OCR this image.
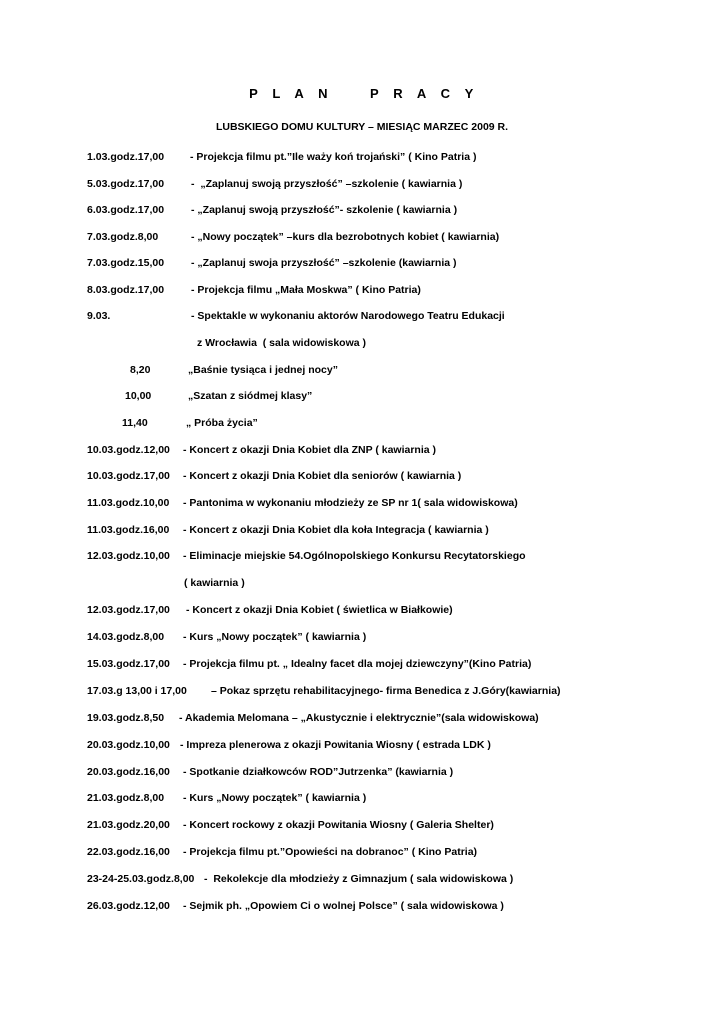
P L A N    P R A C Y
LUBSKIEGO DOMU KULTURY – MIESIĄC MARZEC 2009 R.
1.03.godz.17,00 - Projekcja filmu pt.”Ile waży koń trojański” ( Kino Patria )
5.03.godz.17,00	-  „Zaplanuj swoją przyszłość” –szkolenie ( kawiarnia )
6.03.godz.17,00	- „Zaplanuj swoją przyszłość”- szkolenie ( kawiarnia )
7.03.godz.8,00	- „Nowy początek” –kurs dla bezrobotnych kobiet ( kawiarnia)
7.03.godz.15,00	- „Zaplanuj swoja przyszłość” –szkolenie (kawiarnia )
8.03.godz.17,00	- Projekcja filmu „Mała Moskwa” ( Kino Patria)
9.03.	- Spektakle w wykonaniu aktorów Narodowego Teatru Edukacji
z Wrocławia  ( sala widowiskowa )
8,20	„Baśnie tysiąca i jednej nocy”
10,00	„Szatan z siódmej klasy”
11,40	„ Próba życia”
10.03.godz.12,00 - Koncert z okazji Dnia Kobiet dla ZNP ( kawiarnia )
10.03.godz.17,00 - Koncert z okazji Dnia Kobiet dla seniorów ( kawiarnia )
11.03.godz.10,00 - Pantonima w wykonaniu młodzieży ze SP nr 1( sala widowiskowa)
11.03.godz.16,00 - Koncert z okazji Dnia Kobiet dla koła Integracja ( kawiarnia )
12.03.godz.10,00 - Eliminacje miejskie 54.Ogólnopolskiego Konkursu Recytatorskiego
( kawiarnia )
12.03.godz.17,00 - Koncert z okazji Dnia Kobiet ( świetlica w Białkowie)
14.03.godz.8,00 - Kurs „Nowy początek” ( kawiarnia )
15.03.godz.17,00 - Projekcja filmu pt. „ Idealny facet dla mojej dziewczyny”(Kino Patria)
17.03.g 13,00 i 17,00 – Pokaz sprzętu rehabilitacyjnego- firma Benedica z J.Góry(kawiarnia)
19.03.godz.8,50 - Akademia Melomana – „Akustycznie i elektrycznie”(sala widowiskowa)
20.03.godz.10,00 - Impreza plenerowa z okazji Powitania Wiosny ( estrada LDK )
20.03.godz.16,00 - Spotkanie działkowców ROD”Jutrzenka” (kawiarnia )
21.03.godz.8,00 - Kurs „Nowy początek” ( kawiarnia )
21.03.godz.20,00 - Koncert rockowy z okazji Powitania Wiosny ( Galeria Shelter)
22.03.godz.16,00 - Projekcja filmu pt.”Opowieści na dobranoc” ( Kino Patria)
23-24-25.03.godz.8,00 -  Rekolekcje dla młodzieży z Gimnazjum ( sala widowiskowa )
26.03.godz.12,00 - Sejmik ph. „Opowiem Ci o wolnej Polsce” ( sala widowiskowa )
